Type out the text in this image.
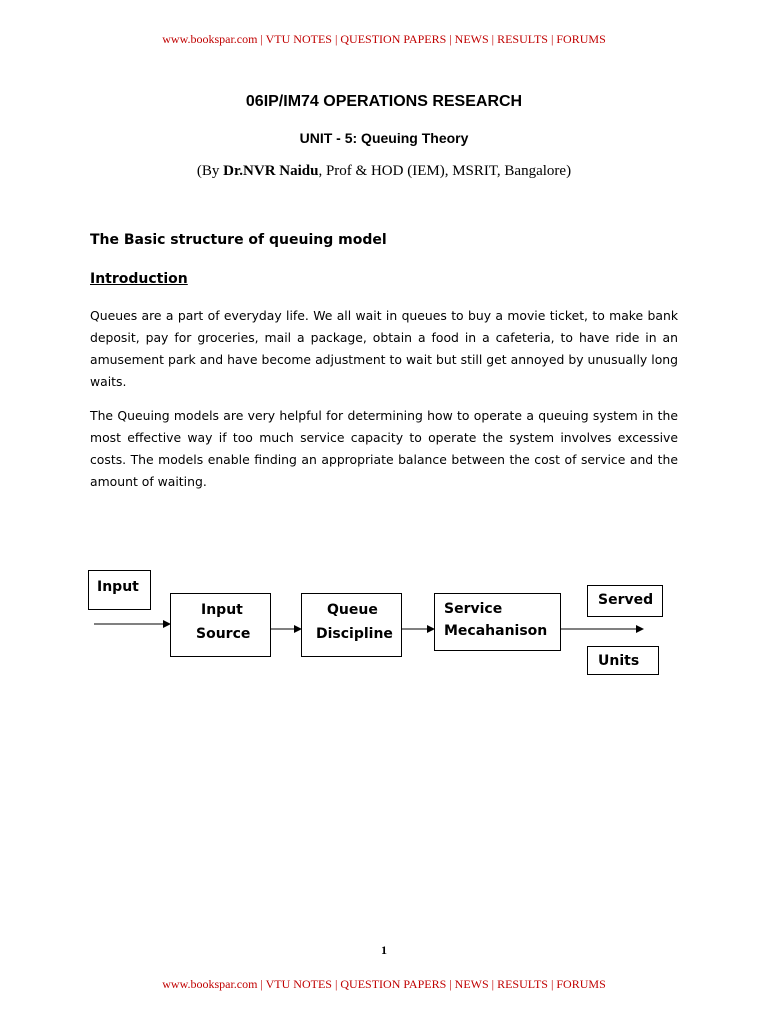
www.bookspar.com | VTU NOTES | QUESTION PAPERS | NEWS | RESULTS | FORUMS
06IP/IM74 OPERATIONS RESEARCH
UNIT - 5: Queuing Theory
(By Dr.NVR Naidu, Prof & HOD (IEM), MSRIT, Bangalore)
The Basic structure of queuing model
Introduction
Queues are a part of everyday life. We all wait in queues to buy a movie ticket, to make bank deposit, pay for groceries, mail a package, obtain a food in a cafeteria, to have ride in an amusement park and have become adjustment to wait but still get annoyed by unusually long waits.
The Queuing models are very helpful for determining how to operate a queuing system in the most effective way if too much service capacity to operate the system involves excessive costs. The models enable finding an appropriate balance between the cost of service and the amount of waiting.
Input
Input
Source
Queue
Discipline
Service
Mecahanison
Served
Units
1
www.bookspar.com | VTU NOTES | QUESTION PAPERS | NEWS | RESULTS | FORUMS
